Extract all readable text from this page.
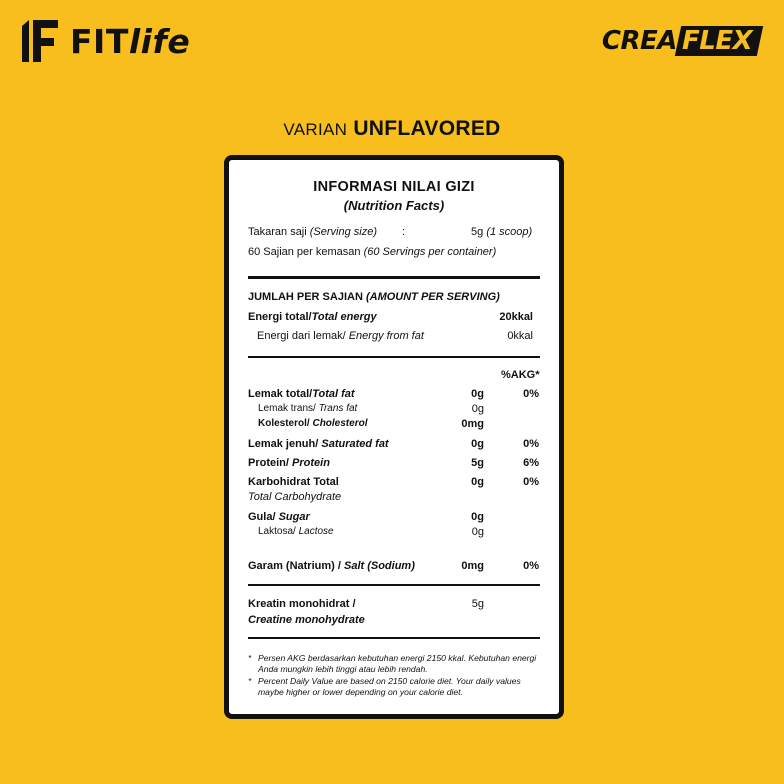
FITlife	CREA FLEX
VARIAN UNFLAVORED
INFORMASI NILAI GIZI
(Nutrition Facts)
Takaran saji (Serving size) :	5g (1 scoop)
60 Sajian per kemasan (60 Servings per container)
JUMLAH PER SAJIAN (AMOUNT PER SERVING)
Energi total/Total energy	20kkal
Energi dari lemak/ Energy from fat	0kkal
%AKG*
Lemak total/Total fat	0g	0%
Lemak trans/ Trans fat	0g
Kolesterol/ Cholesterol	0mg
Lemak jenuh/ Saturated fat	0g	0%
Protein/ Protein	5g	6%
Karbohidrat Total	0g	0%
Total Carbohydrate
Gula/ Sugar	0g
Laktosa/ Lactose	0g
Garam (Natrium) / Salt (Sodium)	0mg	0%
Kreatin monohidrat /	5g
Creatine monohydrate
* Persen AKG berdasarkan kebutuhan energi 2150 kkal. Kebutuhan energi Anda mungkin lebih tinggi atau lebih rendah.
* Percent Daily Value are based on 2150 calorie diet. Your daily values maybe higher or lower depending on your calorie diet.
